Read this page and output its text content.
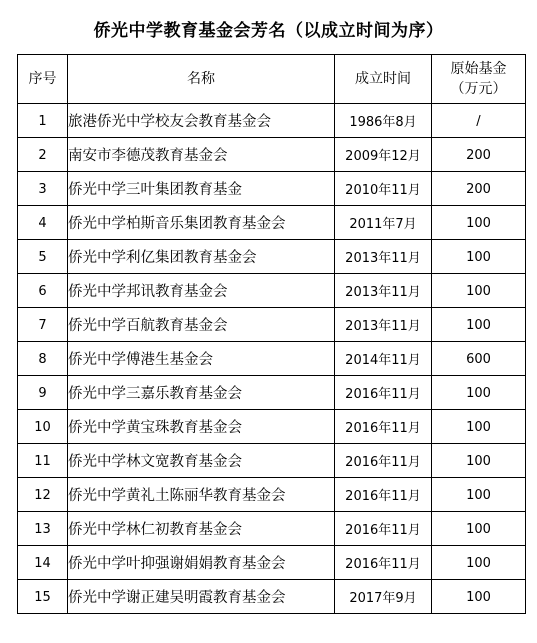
侨光中学教育基金会芳名（以成立时间为序）
序号	名称	成立时间	原始基金
（万元）

1	旅港侨光中学校友会教育基金会	1986年8月	/
2	南安市李德茂教育基金会	2009年12月	200
3	侨光中学三叶集团教育基金	2010年11月	200
4	侨光中学柏斯音乐集团教育基金会	2011年7月	100
5	侨光中学利亿集团教育基金会	2013年11月	100
6	侨光中学邦讯教育基金会	2013年11月	100
7	侨光中学百航教育基金会	2013年11月	100
8	侨光中学傅港生基金会	2014年11月	600
9	侨光中学三嘉乐教育基金会	2016年11月	100
10	侨光中学黄宝珠教育基金会	2016年11月	100
11	侨光中学林文宽教育基金会	2016年11月	100
12	侨光中学黄礼土陈丽华教育基金会	2016年11月	100
13	侨光中学林仁初教育基金会	2016年11月	100
14	侨光中学叶抑强谢娟娟教育基金会	2016年11月	100
15	侨光中学谢正建吴明霞教育基金会	2017年9月	100
